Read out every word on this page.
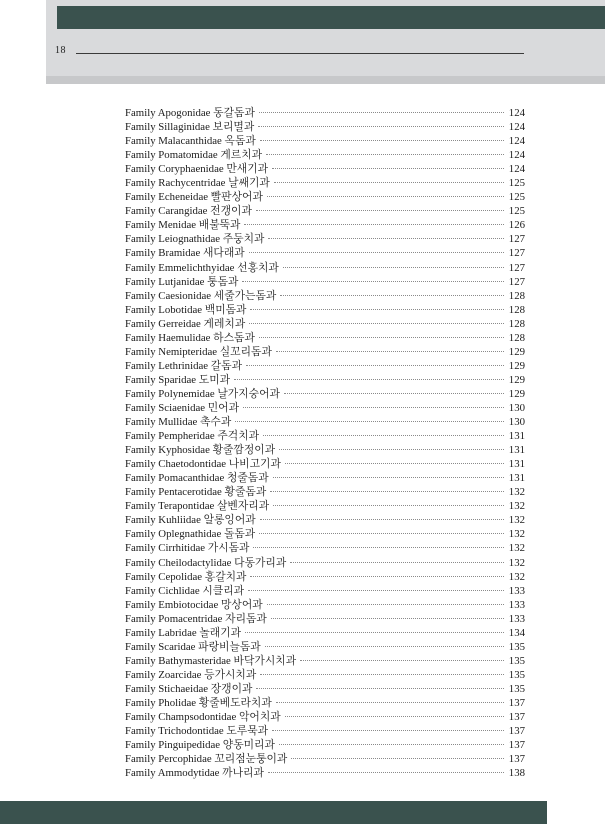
18
Family Apogonidae 동갈돔과	124
Family Sillaginidae 보리멸과	124
Family Malacanthidae 옥돔과	124
Family Pomatomidae 게르치과	124
Family Coryphaenidae 만새기과	124
Family Rachycentridae 날쌔기과	125
Family Echeneidae 빨판상어과	125
Family Carangidae 전갱이과	125
Family Menidae 배불뚝과	126
Family Leiognathidae 주둥치과	127
Family Bramidae 새다래과	127
Family Emmelichthyidae 선홍치과	127
Family Lutjanidae 퉁돔과	127
Family Caesionidae 세줄가는돔과	128
Family Lobotidae 백미돔과	128
Family Gerreidae 게레치과	128
Family Haemulidae 하스돔과	128
Family Nemipteridae 실꼬리돔과	129
Family Lethrinidae 갈돔과	129
Family Sparidae 도미과	129
Family Polynemidae 날가지숭어과	129
Family Sciaenidae 민어과	130
Family Mullidae 촉수과	130
Family Pempheridae 주걱치과	131
Family Kyphosidae 황줄깜정이과	131
Family Chaetodontidae 나비고기과	131
Family Pomacanthidae 청줄돔과	131
Family Pentacerotidae 황줄돔과	132
Family Terapontidae 살벤자리과	132
Family Kuhliidae 알롱잉어과	132
Family Oplegnathidae 돌돔과	132
Family Cirrhitidae 가시돔과	132
Family Cheilodactylidae 다동가리과	132
Family Cepolidae 홍갈치과	132
Family Cichlidae 시클리과	133
Family Embiotocidae 망상어과	133
Family Pomacentridae 자리돔과	133
Family Labridae 놀래기과	134
Family Scaridae 파랑비늘돔과	135
Family Bathymasteridae 바닥가시치과	135
Family Zoarcidae 등가시치과	135
Family Stichaeidae 장갱이과	135
Family Pholidae 황줄베도라치과	137
Family Champsodontidae 악어치과	137
Family Trichodontidae 도루묵과	137
Family Pinguipedidae 양동미리과	137
Family Percophidae 꼬리점눈퉁이과	137
Family Ammodytidae 까나리과	138
